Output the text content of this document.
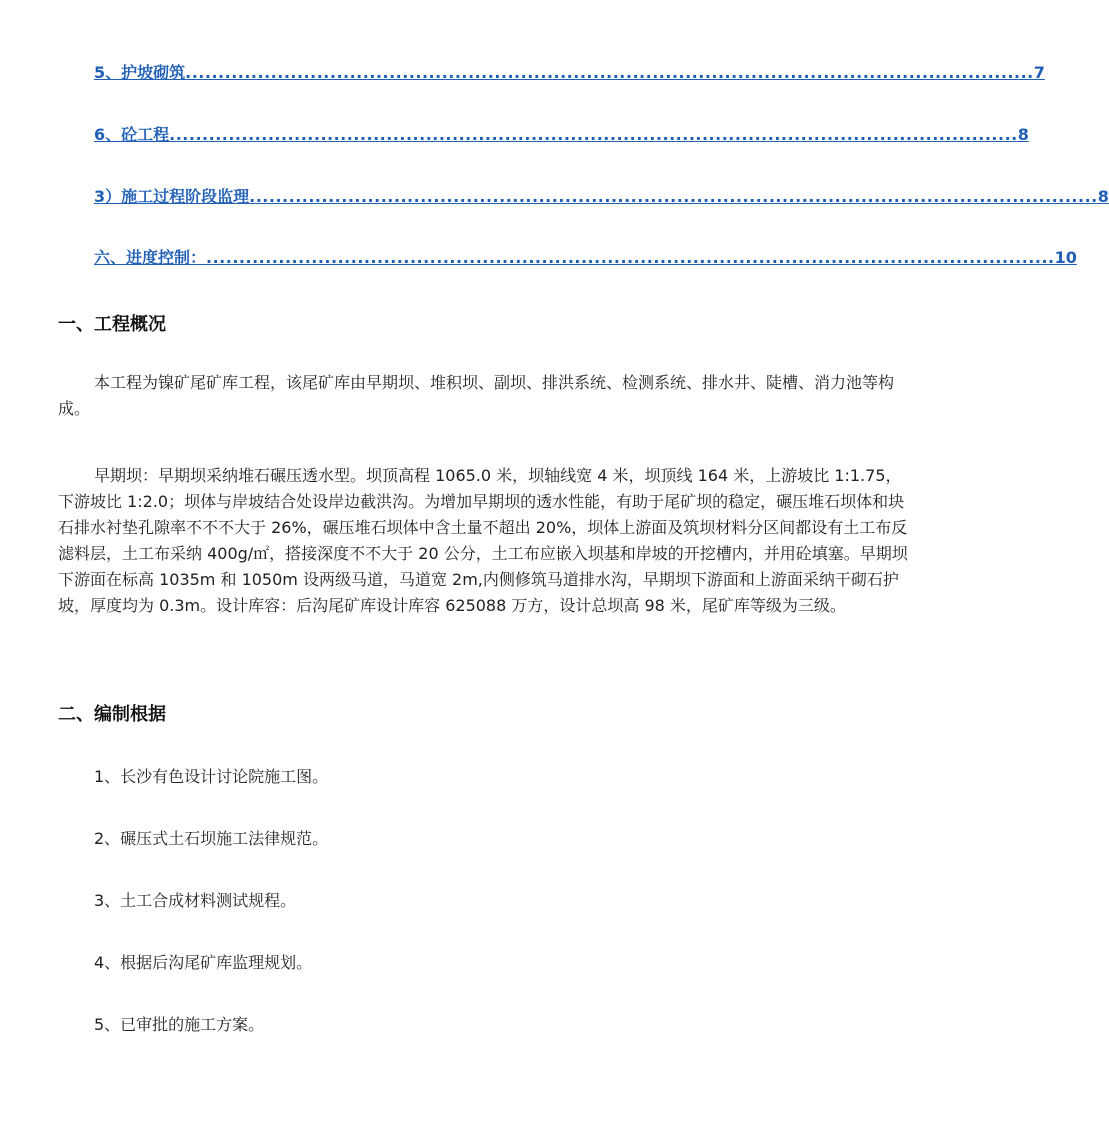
5、护坡砌筑 ................................................................................................................................. 7
6、砼工程 ................................................................................................................................. 8
3）施工过程阶段监理 ................................................................................................................................. 8
六、进度控制： ................................................................................................................................. 10
一、工程概况

本工程为镍矿尾矿库工程，该尾矿库由早期坝、堆积坝、副坝、排洪系统、检测系统、排水井、陡槽、消力池等构成。

早期坝：早期坝采纳堆石碾压透水型。坝顶高程 1065.0 米，坝轴线宽 4 米，坝顶线 164 米，上游坡比 1:1.75，下游坡比 1:2.0；坝体与岸坡结合处设岸边截洪沟。为增加早期坝的透水性能，有助于尾矿坝的稳定，碾压堆石坝体和块石排水衬垫孔隙率不不不大于 26%，碾压堆石坝体中含土量不超出 20%，坝体上游面及筑坝材料分区间都设有土工布反滤料层，土工布采纳 400g/㎡，搭接深度不不大于 20 公分，土工布应嵌入坝基和岸坡的开挖槽内，并用砼填塞。早期坝下游面在标高 1035m 和 1050m 设两级马道，马道宽 2m,内侧修筑马道排水沟，早期坝下游面和上游面采纳干砌石护坡，厚度均为 0.3m。设计库容：后沟尾矿库设计库容 625088 万方，设计总坝高 98 米，尾矿库等级为三级。

二、编制根据
1、长沙有色设计讨论院施工图。
2、碾压式土石坝施工法律规范。
3、土工合成材料测试规程。
4、根据后沟尾矿库监理规划。
5、已审批的施工方案。
